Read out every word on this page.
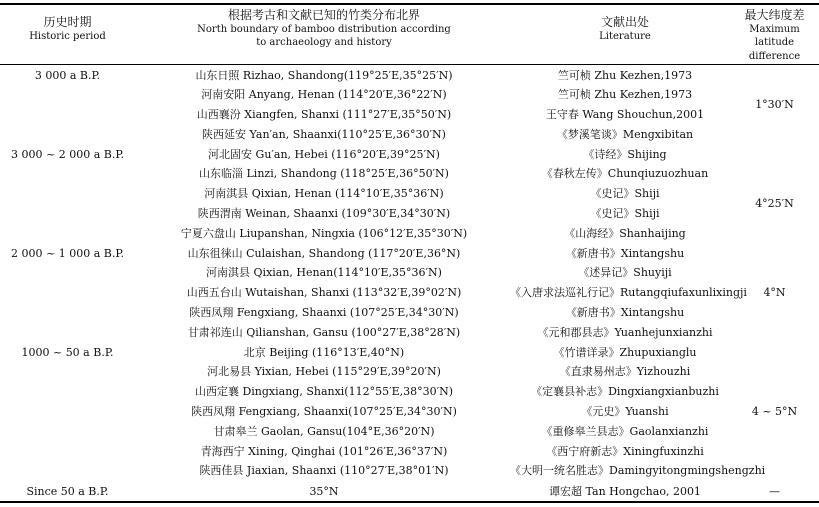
历史时期
Historic period
根据考古和文献已知的竹类分布北界
North boundary of bamboo distribution according
to archaeology and history
文献出处
Literature
最大纬度差
Maximum latitude
difference
3 000 a B.P.
3 000 ~ 2 000 a B.P.
2 000 ~ 1 000 a B.P.
1000 ~ 50 a B.P.
Since 50 a B.P.
山东日照 Rizhao, Shandong(119°25′E,35°25′N)
河南安阳 Anyang, Henan (114°20′E,36°22′N)
山西襄汾 Xiangfen, Shanxi (111°27′E,35°50′N)
陕西延安 Yan′an, Shaanxi(110°25′E,36°30′N)
河北固安 Gu′an, Hebei (116°20′E,39°25′N)
山东临淄 Linzi, Shandong (118°25′E,36°50′N)
河南淇县 Qixian, Henan (114°10′E,35°36′N)
陕西渭南 Weinan, Shaanxi (109°30′E,34°30′N)
宁夏六盘山 Liupanshan, Ningxia (106°12′E,35°30′N)
山东徂徕山 Culaishan, Shandong (117°20′E,36°N)
河南淇县 Qixian, Henan(114°10′E,35°36′N)
山西五台山 Wutaishan, Shanxi (113°32′E,39°02′N)
陕西凤翔 Fengxiang, Shaanxi (107°25′E,34°30′N)
甘肃祁连山 Qilianshan, Gansu (100°27′E,38°28′N)
北京 Beijing (116°13′E,40°N)
河北易县 Yixian, Hebei (115°29′E,39°20′N)
山西定襄 Dingxiang, Shanxi(112°55′E,38°30′N)
陕西凤翔 Fengxiang, Shaanxi(107°25′E,34°30′N)
甘肃皋兰 Gaolan, Gansu(104°E,36°20′N)
青海西宁 Xining, Qinghai (101°26′E,36°37′N)
陕西佳县 Jiaxian, Shaanxi (110°27′E,38°01′N)
35°N
竺可桢 Zhu Kezhen,1973
竺可桢 Zhu Kezhen,1973
王守春 Wang Shouchun,2001
《梦溪笔谈》Mengxibitan
《诗经》Shijing
《春秋左传》Chunqiuzuozhuan
《史记》Shiji
《史记》Shiji
《山海经》Shanhaijing
《新唐书》Xintangshu
《述异记》Shuyiji
《入唐求法巡礼行记》Rutangqiufaxunlixingji
《新唐书》Xintangshu
《元和郡县志》Yuanhejunxianzhi
《竹谱详录》Zhupuxianglu
《直隶易州志》Yizhouzhi
《定襄县补志》Dingxiangxianbuzhi
《元史》Yuanshi
《重修皋兰县志》Gaolanxianzhi
《西宁府新志》Xiningfuxinzhi
《大明一统名胜志》Damingyitongmingshengzhi
谭宏超 Tan Hongchao, 2001
1°30′N
4°25′N
4°N
4 ~ 5°N
—
